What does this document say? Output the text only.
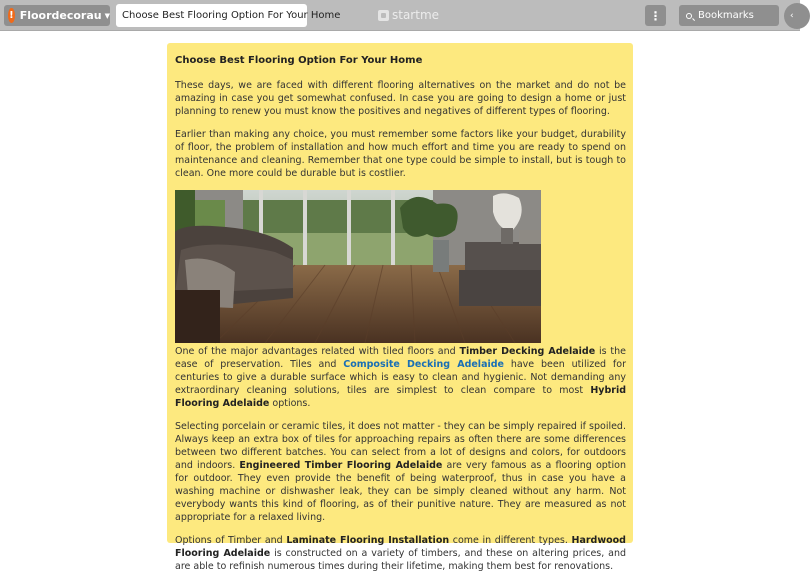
! Floordecorau ▼	Choose Best Flooring Option For Your Home	startme	⋮	Bookmarks	‹
Choose Best Flooring Option For Your Home

These days, we are faced with different flooring alternatives on the market and do not be amazing in case you get somewhat confused. In case you are going to design a home or just planning to renew you must know the positives and negatives of different types of flooring.

Earlier than making any choice, you must remember some factors like your budget, durability of floor, the problem of installation and how much effort and time you are ready to spend on maintenance and cleaning. Remember that one type could be simple to install, but is tough to clean. One more could be durable but is costlier.

One of the major advantages related with tiled floors and Timber Decking Adelaide is the ease of preservation. Tiles and Composite Decking Adelaide have been utilized for centuries to give a durable surface which is easy to clean and hygienic. Not demanding any extraordinary cleaning solutions, tiles are simplest to clean compare to most Hybrid Flooring Adelaide options.

Selecting porcelain or ceramic tiles, it does not matter - they can be simply repaired if spoiled. Always keep an extra box of tiles for approaching repairs as often there are some differences between two different batches. You can select from a lot of designs and colors, for outdoors and indoors. Engineered Timber Flooring Adelaide are very famous as a flooring option for outdoor. They even provide the benefit of being waterproof, thus in case you have a washing machine or dishwasher leak, they can be simply cleaned without any harm. Not everybody wants this kind of flooring, as of their punitive nature. They are measured as not appropriate for a relaxed living.

Options of Timber and Laminate Flooring Installation come in different types. Hardwood Flooring Adelaide is constructed on a variety of timbers, and these on altering prices, and are able to refinish numerous times during their lifetime, making them best for renovations.
